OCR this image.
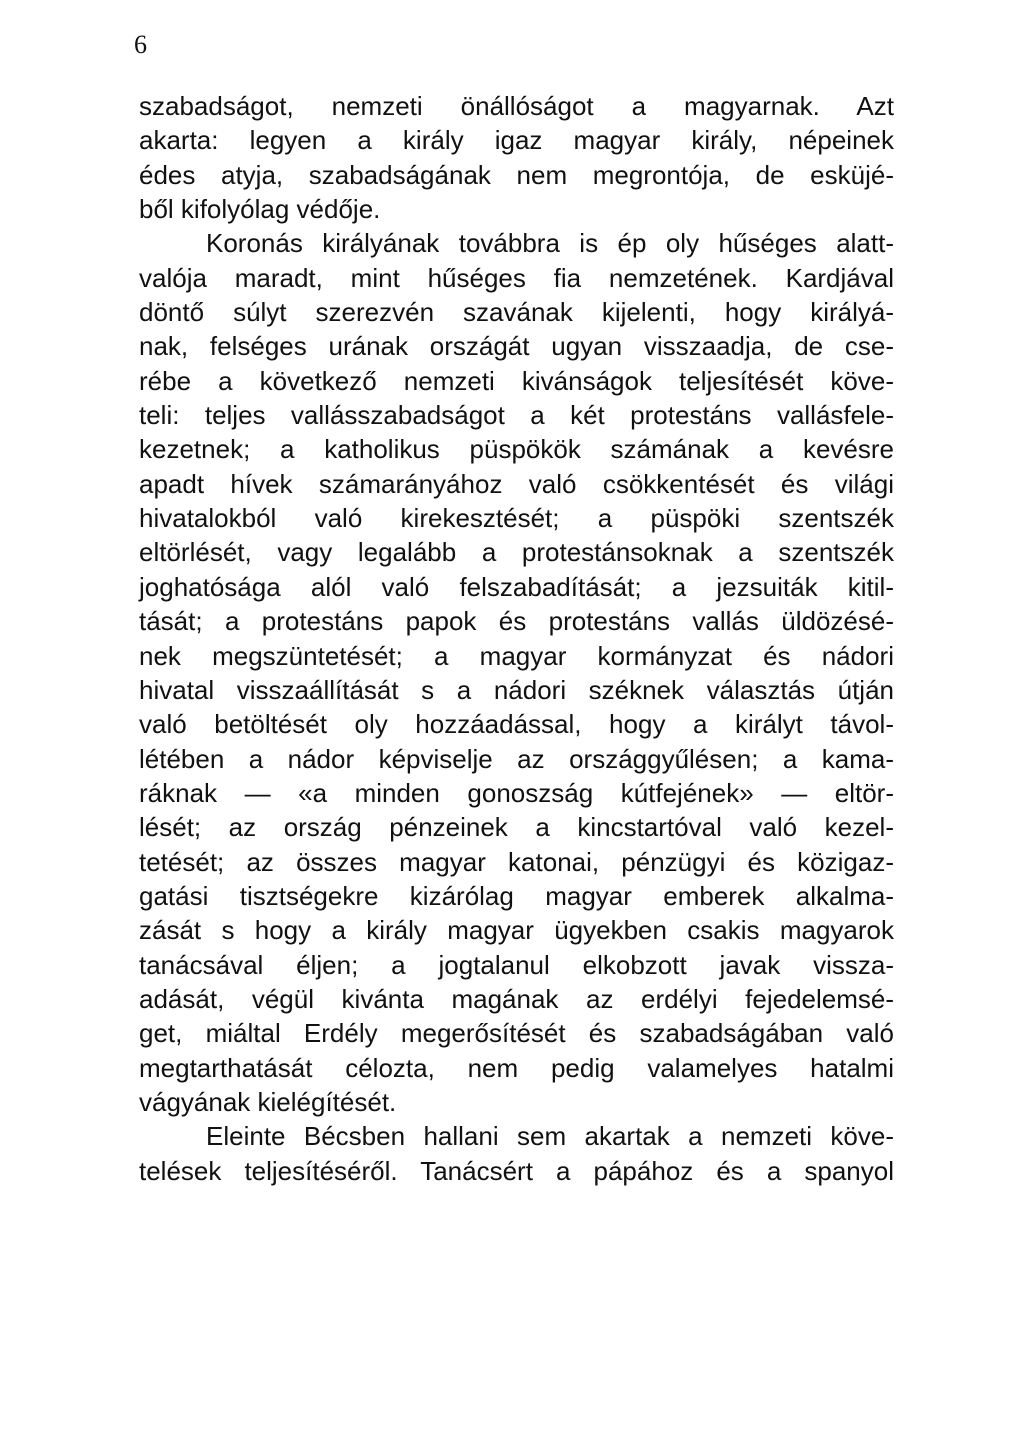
6
szabadságot, nemzeti önállóságot a magyarnak. Azt
akarta: legyen a király igaz magyar király, népeinek
édes atyja, szabadságának nem megrontója, de esküjé-
ből kifolyólag védője.
Koronás királyának továbbra is ép oly hűséges alatt-
valója maradt, mint hűséges fia nemzetének. Kardjával
döntő súlyt szerezvén szavának kijelenti, hogy királyá-
nak, felséges urának országát ugyan visszaadja, de cse-
rébe a következő nemzeti kivánságok teljesítését köve-
teli: teljes vallásszabadságot a két protestáns vallásfele-
kezetnek; a katholikus püspökök számának a kevésre
apadt hívek számarányához való csökkentését és világi
hivatalokból való kirekesztését; a püspöki szentszék
eltörlését, vagy legalább a protestánsoknak a szentszék
joghatósága alól való felszabadítását; a jezsuiták kitil-
tását; a protestáns papok és protestáns vallás üldözésé-
nek megszüntetését; a magyar kormányzat és nádori
hivatal visszaállítását s a nádori széknek választás útján
való betöltését oly hozzáadással, hogy a királyt távol-
létében a nádor képviselje az országgyűlésen; a kama-
ráknak — «a minden gonoszság kútfejének» — eltör-
lését; az ország pénzeinek a kincstartóval való kezel-
tetését; az összes magyar katonai, pénzügyi és közigaz-
gatási tisztségekre kizárólag magyar emberek alkalma-
zását s hogy a király magyar ügyekben csakis magyarok
tanácsával éljen; a jogtalanul elkobzott javak vissza-
adását, végül kivánta magának az erdélyi fejedelemsé-
get, miáltal Erdély megerősítését és szabadságában való
megtarthatását célozta, nem pedig valamelyes hatalmi
vágyának kielégítését.
Eleinte Bécsben hallani sem akartak a nemzeti köve-
telések teljesítéséről. Tanácsért a pápához és a spanyol
